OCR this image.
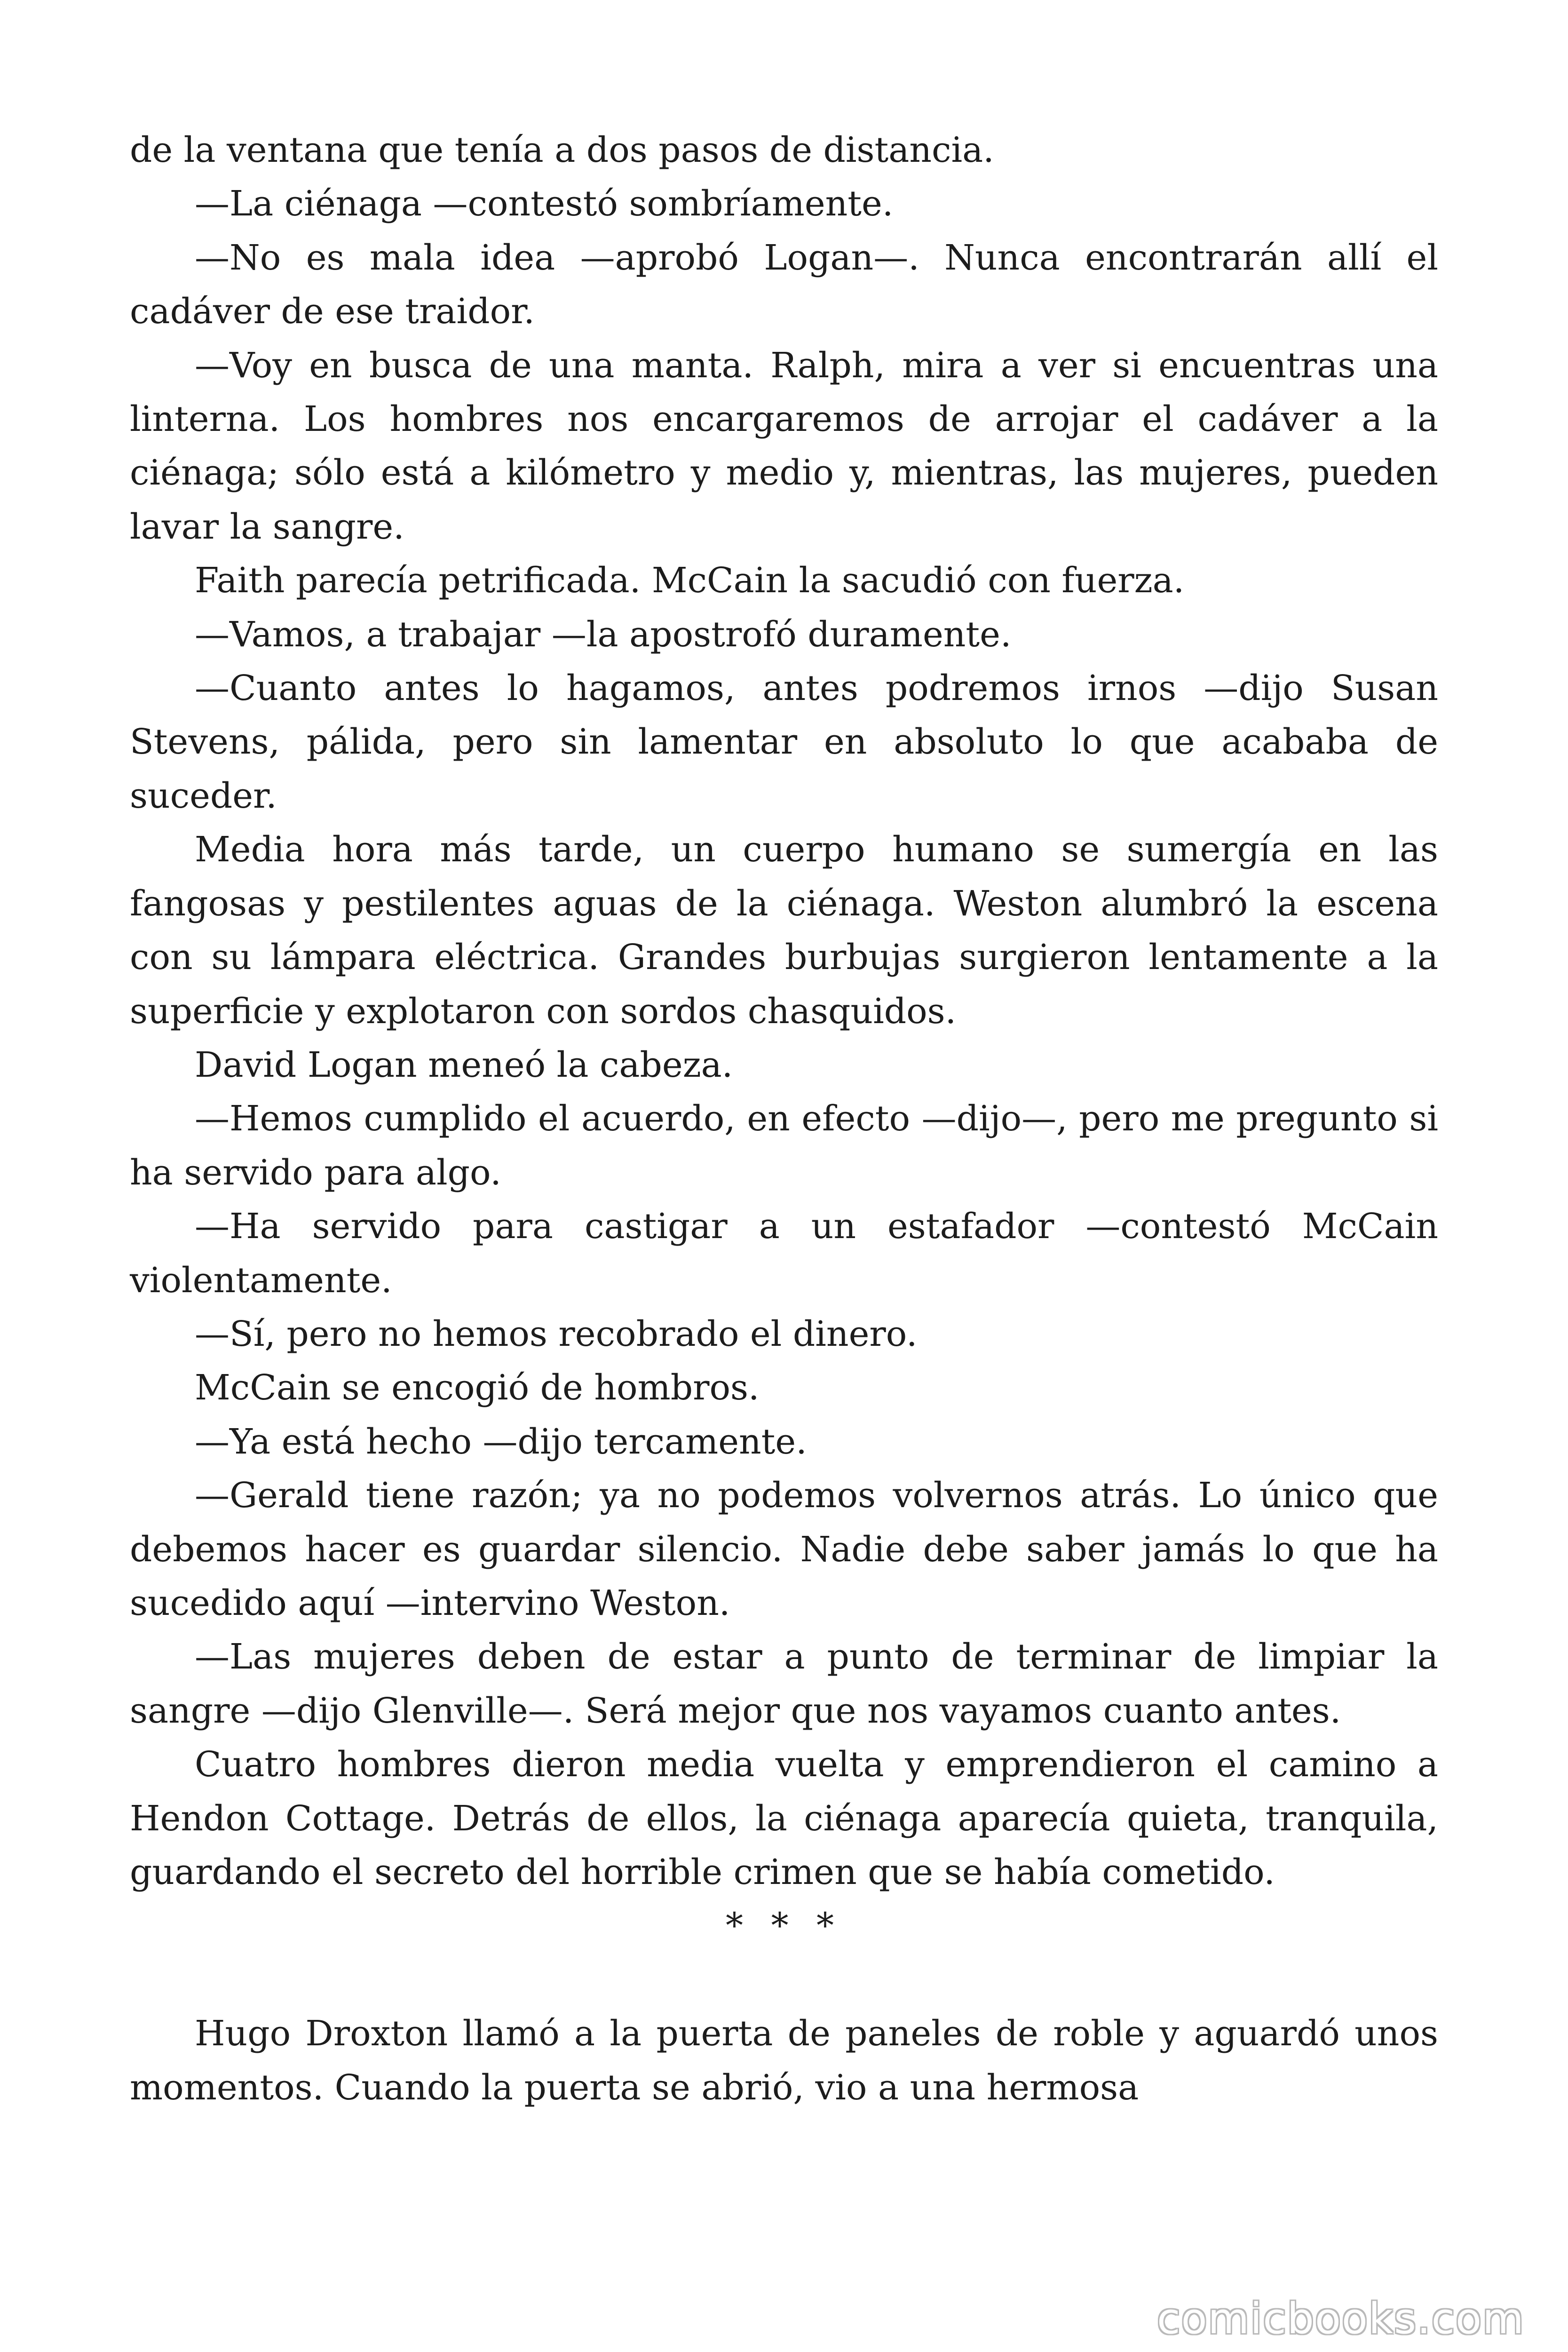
de la ventana que tenía a dos pasos de distancia.

—La ciénaga —contestó sombríamente.

—No es mala idea —aprobó Logan—. Nunca encontrarán allí el cadáver de ese traidor.

—Voy en busca de una manta. Ralph, mira a ver si encuentras una linterna. Los hombres nos encargaremos de arrojar el cadáver a la ciénaga; sólo está a kilómetro y medio y, mientras, las mujeres, pueden lavar la sangre.

Faith parecía petrificada. McCain la sacudió con fuerza.

—Vamos, a trabajar —la apostrofó duramente.

—Cuanto antes lo hagamos, antes podremos irnos —dijo Susan Stevens, pálida, pero sin lamentar en absoluto lo que acababa de suceder.

Media hora más tarde, un cuerpo humano se sumergía en las fangosas y pestilentes aguas de la ciénaga. Weston alumbró la escena con su lámpara eléctrica. Grandes burbujas surgieron lentamente a la superficie y explotaron con sordos chasquidos.

David Logan meneó la cabeza.

—Hemos cumplido el acuerdo, en efecto —dijo—, pero me pregunto si ha servido para algo.

—Ha servido para castigar a un estafador —contestó McCain violentamente.

—Sí, pero no hemos recobrado el dinero.

McCain se encogió de hombros.

—Ya está hecho —dijo tercamente.

—Gerald tiene razón; ya no podemos volvernos atrás. Lo único que debemos hacer es guardar silencio. Nadie debe saber jamás lo que ha sucedido aquí —intervino Weston.

—Las mujeres deben de estar a punto de terminar de limpiar la sangre —dijo Glenville—. Será mejor que nos vayamos cuanto antes.

Cuatro hombres dieron media vuelta y emprendieron el camino a Hendon Cottage. Detrás de ellos, la ciénaga aparecía quieta, tranquila, guardando el secreto del horrible crimen que se había cometido.

* * *

Hugo Droxton llamó a la puerta de paneles de roble y aguardó unos momentos. Cuando la puerta se abrió, vio a una hermosa

comicbooks.com
